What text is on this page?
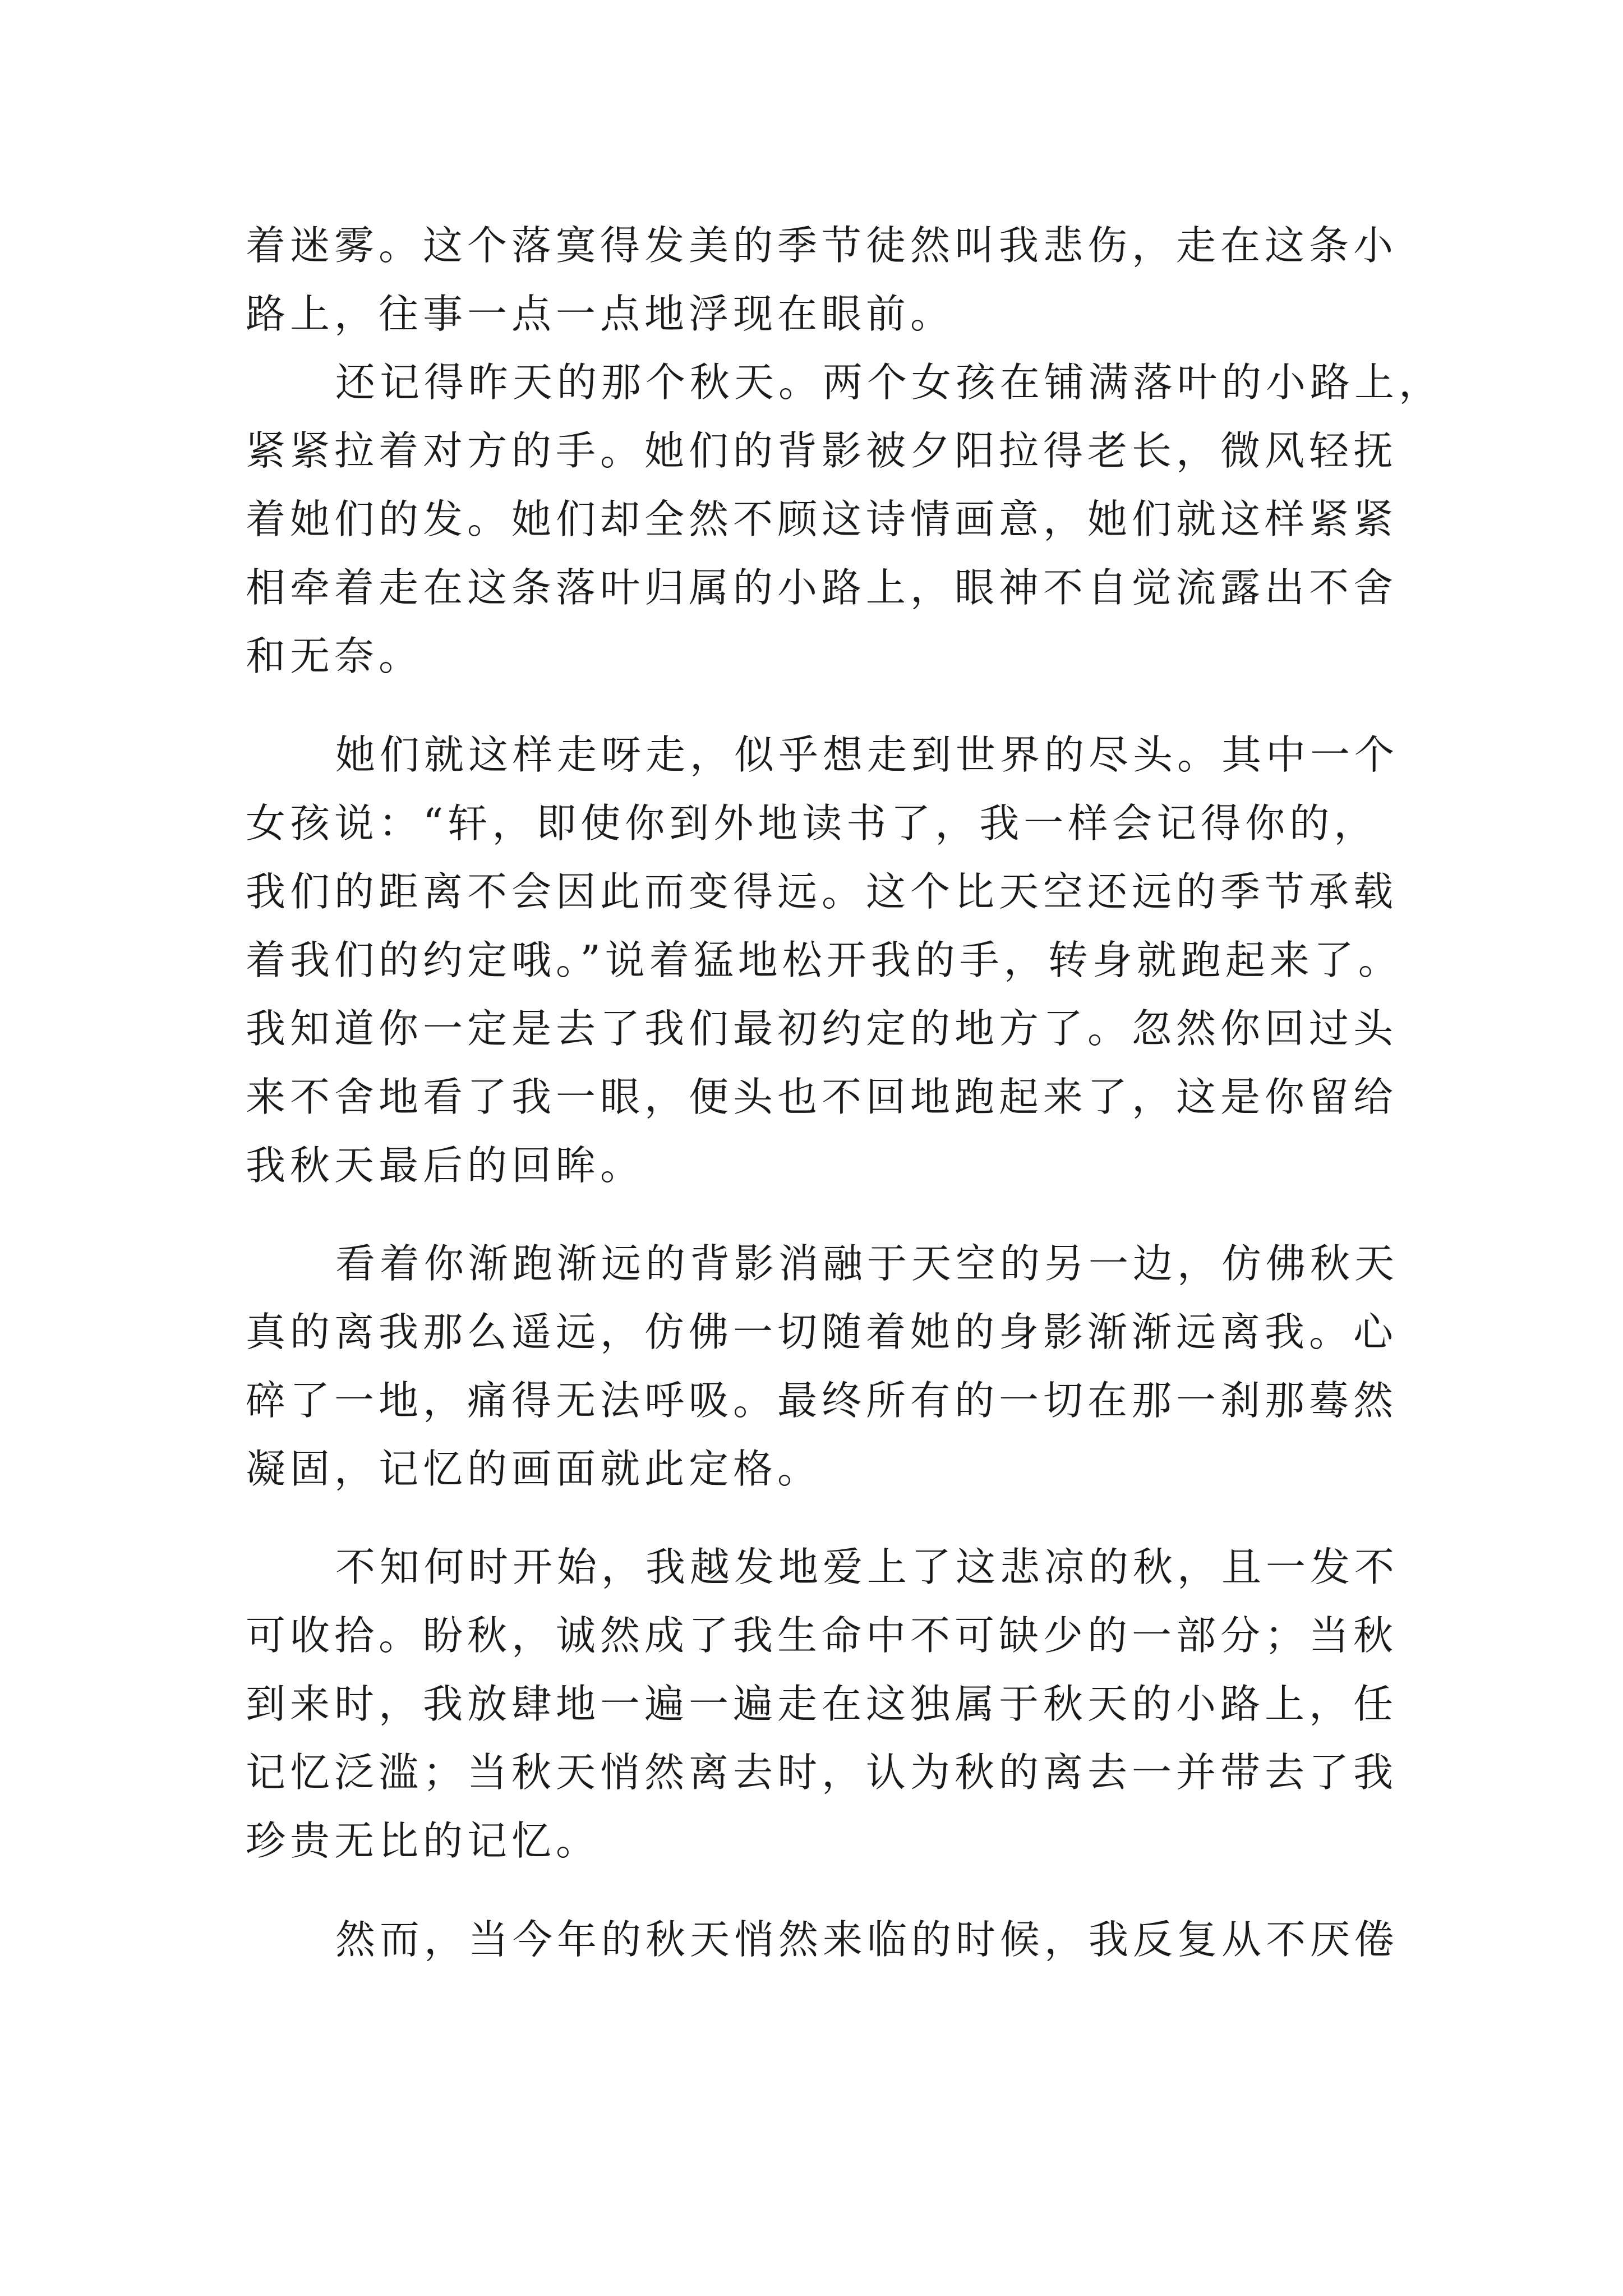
着迷雾。这个落寞得发美的季节徒然叫我悲伤，走在这条小
路上，往事一点一点地浮现在眼前。
还记得昨天的那个秋天。两个女孩在铺满落叶的小路上，
紧紧拉着对方的手。她们的背影被夕阳拉得老长，微风轻抚
着她们的发。她们却全然不顾这诗情画意，她们就这样紧紧
相牵着走在这条落叶归属的小路上，眼神不自觉流露出不舍
和无奈。
她们就这样走呀走，似乎想走到世界的尽头。其中一个
女孩说：“轩，即使你到外地读书了，我一样会记得你的，
我们的距离不会因此而变得远。这个比天空还远的季节承载
着我们的约定哦。”说着猛地松开我的手，转身就跑起来了。
我知道你一定是去了我们最初约定的地方了。忽然你回过头
来不舍地看了我一眼，便头也不回地跑起来了，这是你留给
我秋天最后的回眸。
看着你渐跑渐远的背影消融于天空的另一边，仿佛秋天
真的离我那么遥远，仿佛一切随着她的身影渐渐远离我。心
碎了一地，痛得无法呼吸。最终所有的一切在那一刹那蓦然
凝固，记忆的画面就此定格。
不知何时开始，我越发地爱上了这悲凉的秋，且一发不
可收拾。盼秋，诚然成了我生命中不可缺少的一部分；当秋
到来时，我放肆地一遍一遍走在这独属于秋天的小路上，任
记忆泛滥；当秋天悄然离去时，认为秋的离去一并带去了我
珍贵无比的记忆。
然而，当今年的秋天悄然来临的时候，我反复从不厌倦
